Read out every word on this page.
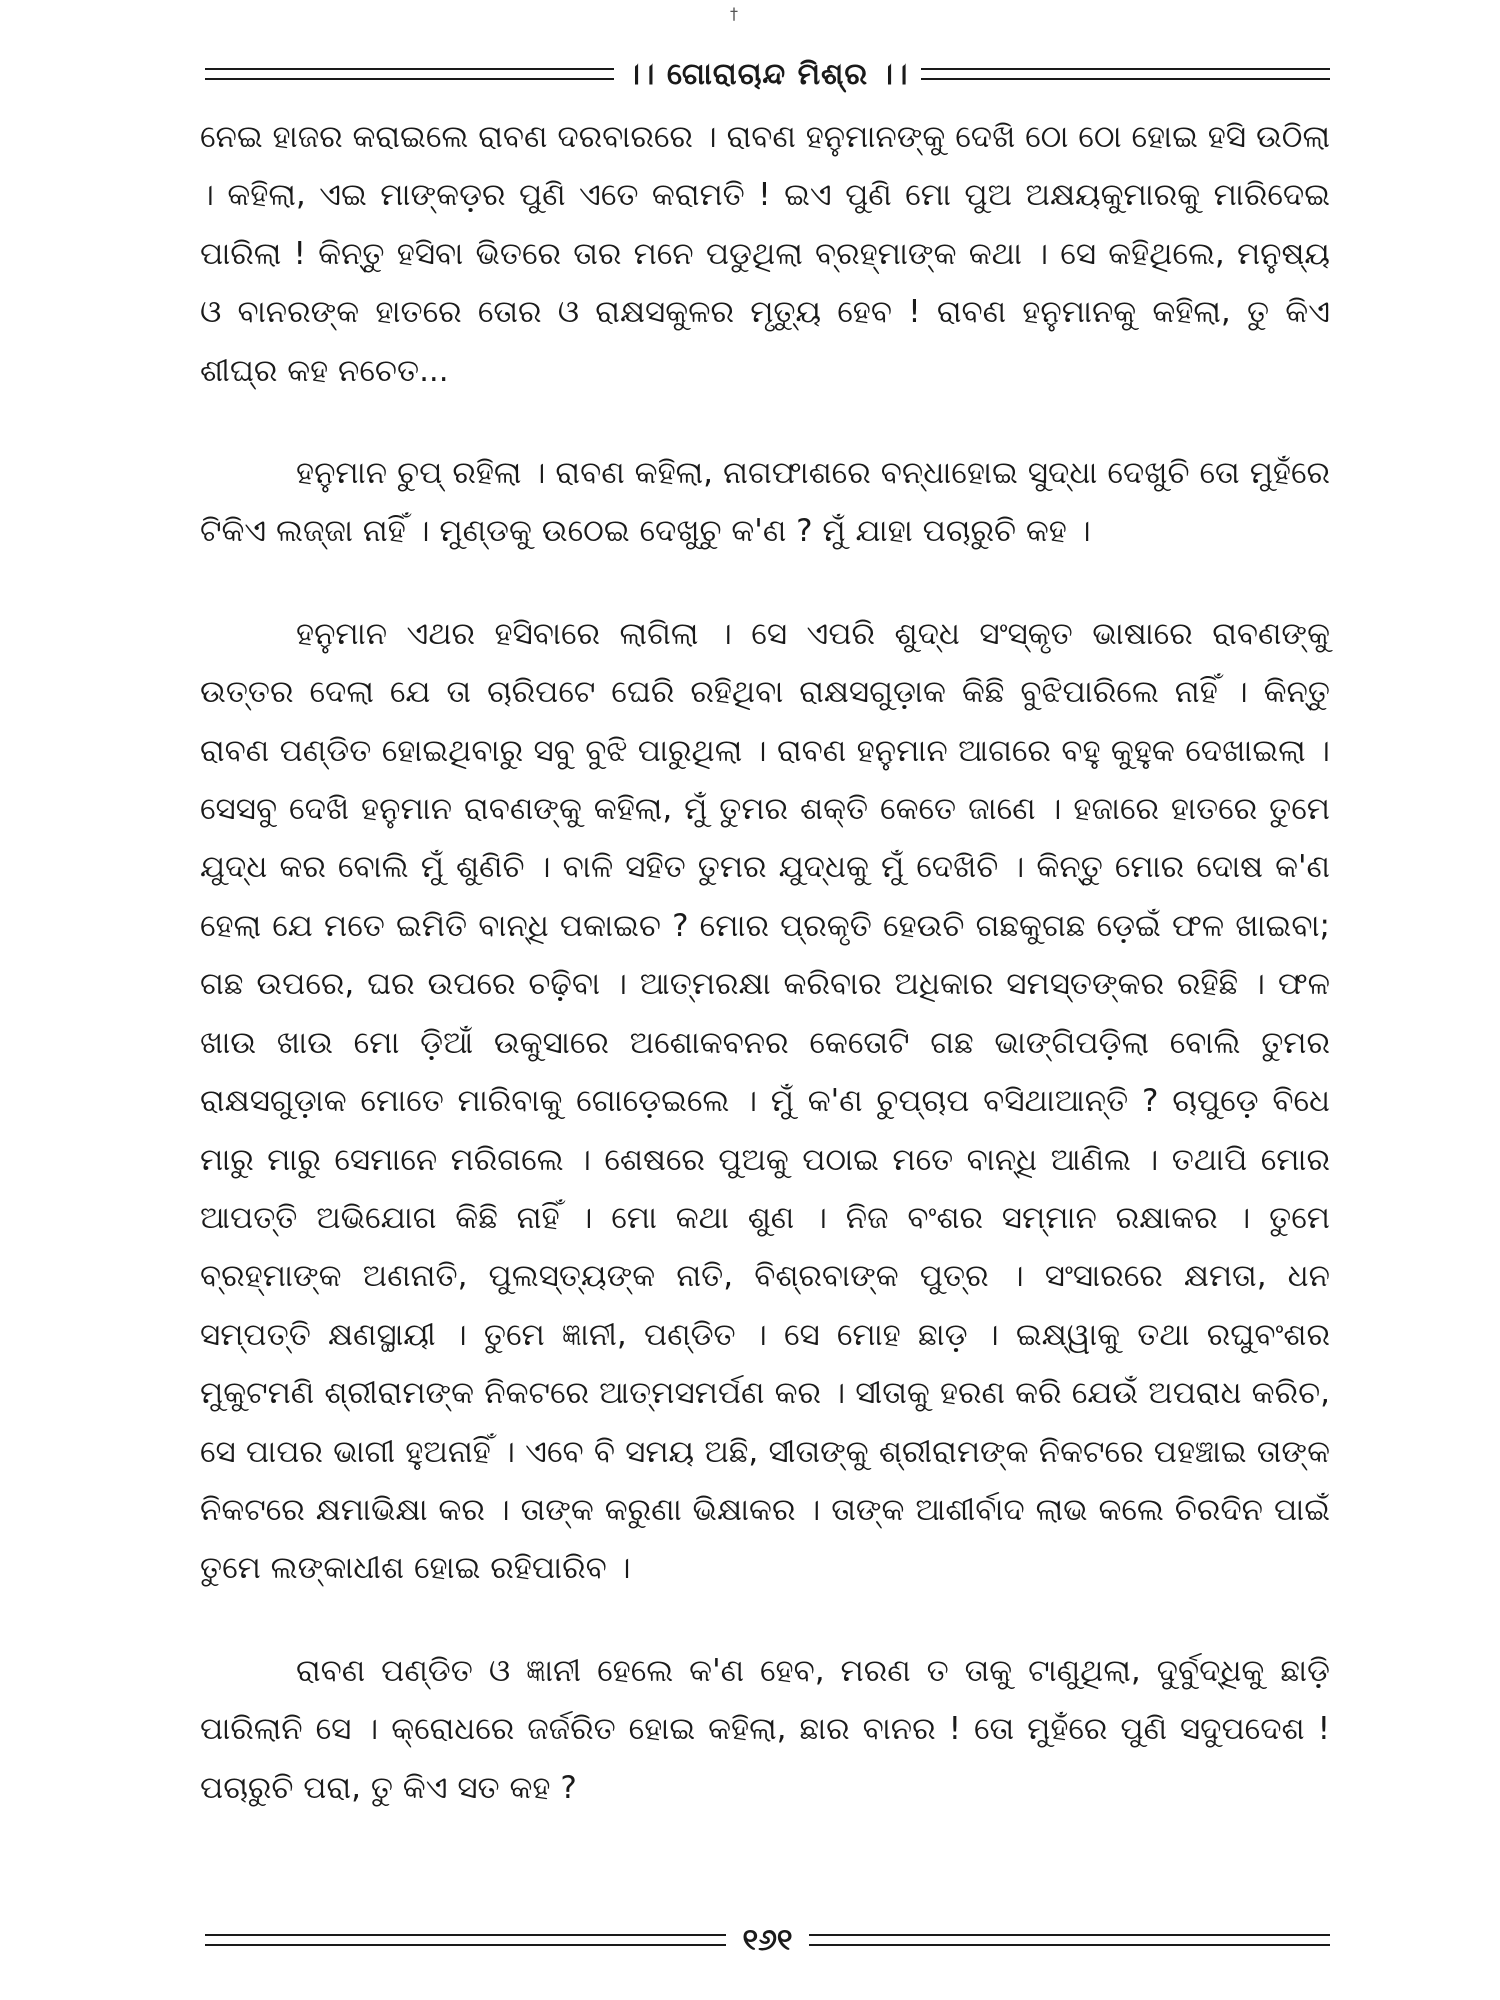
†
।। ଗୋରାଚାନ୍ଦ ମିଶ୍ର ।।

ନେଇ ହାଜର କରାଇଲେ ରାବଣ ଦରବାରରେ । ରାବଣ ହନୁମାନଙ୍କୁ ଦେଖି ଠୋ ଠୋ ହୋଇ ହସି ଉଠିଲା । କହିଲା, ଏଇ ମାଙ୍କଡ଼ର ପୁଣି ଏତେ କରାମତି ! ଇଏ ପୁଣି ମୋ ପୁଅ ଅକ୍ଷୟକୁମାରକୁ ମାରିଦେଇ ପାରିଲା ! କିନ୍ତୁ ହସିବା ଭିତରେ ତାର ମନେ ପଡୁଥିଲା ବ୍ରହ୍ମାଙ୍କ କଥା । ସେ କହିଥିଲେ, ମନୁଷ୍ୟ ଓ ବାନରଙ୍କ ହାତରେ ତୋର ଓ ରାକ୍ଷସକୁଳର ମୃତ୍ୟୁ ହେବ ! ରାବଣ ହନୁମାନକୁ କହିଲା, ତୁ କିଏ ଶୀଘ୍ର କହ ନଚେତ...

ହନୁମାନ ଚୁପ୍ ରହିଲା । ରାବଣ କହିଲା, ନାଗଫାଶରେ ବନ୍ଧାହୋଇ ସୁଦ୍ଧା ଦେଖୁଚି ତୋ ମୁହଁରେ ଟିକିଏ ଲଜ୍ଜା ନାହିଁ । ମୁଣ୍ଡକୁ ଉଠେଇ ଦେଖୁଚୁ କ'ଣ ? ମୁଁ ଯାହା ପଚାରୁଚି କହ ।

ହନୁମାନ ଏଥର ହସିବାରେ ଲାଗିଲା । ସେ ଏପରି ଶୁଦ୍ଧ ସଂସ୍କୃତ ଭାଷାରେ ରାବଣଙ୍କୁ ଉତ୍ତର ଦେଲା ଯେ ତା ଚାରିପଟେ ଘେରି ରହିଥିବା ରାକ୍ଷସଗୁଡ଼ାକ କିଛି ବୁଝିପାରିଲେ ନାହିଁ । କିନ୍ତୁ ରାବଣ ପଣ୍ଡିତ ହୋଇଥିବାରୁ ସବୁ ବୁଝି ପାରୁଥିଲା । ରାବଣ ହନୁମାନ ଆଗରେ ବହୁ କୁହୁକ ଦେଖାଇଲା । ସେସବୁ ଦେଖି ହନୁମାନ ରାବଣଙ୍କୁ କହିଲା, ମୁଁ ତୁମର ଶକ୍ତି କେତେ ଜାଣେ । ହଜାରେ ହାତରେ ତୁମେ ଯୁଦ୍ଧ କର ବୋଲି ମୁଁ ଶୁଣିଚି । ବାଳି ସହିତ ତୁମର ଯୁଦ୍ଧକୁ ମୁଁ ଦେଖିଚି । କିନ୍ତୁ ମୋର ଦୋଷ କ'ଣ ହେଲା ଯେ ମତେ ଇମିତି ବାନ୍ଧି ପକାଇଚ ? ମୋର ପ୍ରକୃତି ହେଉଚି ଗଛକୁଗଛ ଡ଼େଇଁ ଫଳ ଖାଇବା; ଗଛ ଉପରେ, ଘର ଉପରେ ଚଢ଼ିବା । ଆତ୍ମରକ୍ଷା କରିବାର ଅଧିକାର ସମସ୍ତଙ୍କର ରହିଛି । ଫଳ ଖାଉ ଖାଉ ମୋ ଡ଼ିଆଁ ଉକୁସାରେ ଅଶୋକବନର କେତୋଟି ଗଛ ଭାଙ୍ଗିପଡ଼ିଲା ବୋଲି ତୁମର ରାକ୍ଷସଗୁଡ଼ାକ ମୋତେ ମାରିବାକୁ ଗୋଡ଼େଇଲେ । ମୁଁ କ'ଣ ଚୁପ୍‌ଚାପ ବସିଥାଆନ୍ତି ? ଚାପୁଡ଼େ ବିଧେ ମାରୁ ମାରୁ ସେମାନେ ମରିଗଲେ । ଶେଷରେ ପୁଅକୁ ପଠାଇ ମତେ ବାନ୍ଧି ଆଣିଲ । ତଥାପି ମୋର ଆପତ୍ତି ଅଭିଯୋଗ କିଛି ନାହିଁ । ମୋ କଥା ଶୁଣ । ନିଜ ବଂଶର ସମ୍ମାନ ରକ୍ଷାକର । ତୁମେ ବ୍ରହ୍ମାଙ୍କ ଅଣନାତି, ପୁଲସ୍ତ୍ୟଙ୍କ ନାତି, ବିଶ୍ରବାଙ୍କ ପୁତ୍ର । ସଂସାରରେ କ୍ଷମତା, ଧନ ସମ୍ପତ୍ତି କ୍ଷଣସ୍ଥାୟୀ । ତୁମେ ଜ୍ଞାନୀ, ପଣ୍ଡିତ । ସେ ମୋହ ଛାଡ଼ । ଇକ୍ଷ୍ୱାକୁ ତଥା ରଘୁବଂଶର ମୁକୁଟମଣି ଶ୍ରୀରାମଙ୍କ ନିକଟରେ ଆତ୍ମସମର୍ପଣ କର । ସୀତାକୁ ହରଣ କରି ଯେଉଁ ଅପରାଧ କରିଚ, ସେ ପାପର ଭାଗୀ ହୁଅନାହିଁ । ଏବେ ବି ସମୟ ଅଛି, ସୀତାଙ୍କୁ ଶ୍ରୀରାମଙ୍କ ନିକଟରେ ପହଞ୍ଚାଇ ତାଙ୍କ ନିକଟରେ କ୍ଷମାଭିକ୍ଷା କର । ତାଙ୍କ କରୁଣା ଭିକ୍ଷାକର । ତାଙ୍କ ଆଶୀର୍ବାଦ ଲାଭ କଲେ ଚିରଦିନ ପାଇଁ ତୁମେ ଲଙ୍କାଧୀଶ ହୋଇ ରହିପାରିବ ।

ରାବଣ ପଣ୍ଡିତ ଓ ଜ୍ଞାନୀ ହେଲେ କ'ଣ ହେବ, ମରଣ ତ ତାକୁ ଟାଣୁଥିଲା, ଦୁର୍ବୁଦ୍ଧିକୁ ଛାଡ଼ି ପାରିଲାନି ସେ । କ୍ରୋଧରେ ଜର୍ଜରିତ ହୋଇ କହିଲା, ଛାର ବାନର ! ତୋ ମୁହଁରେ ପୁଣି ସଦୁପଦେଶ ! ପଚାରୁଚି ପରା, ତୁ କିଏ ସତ କହ ?

୧୬୧
